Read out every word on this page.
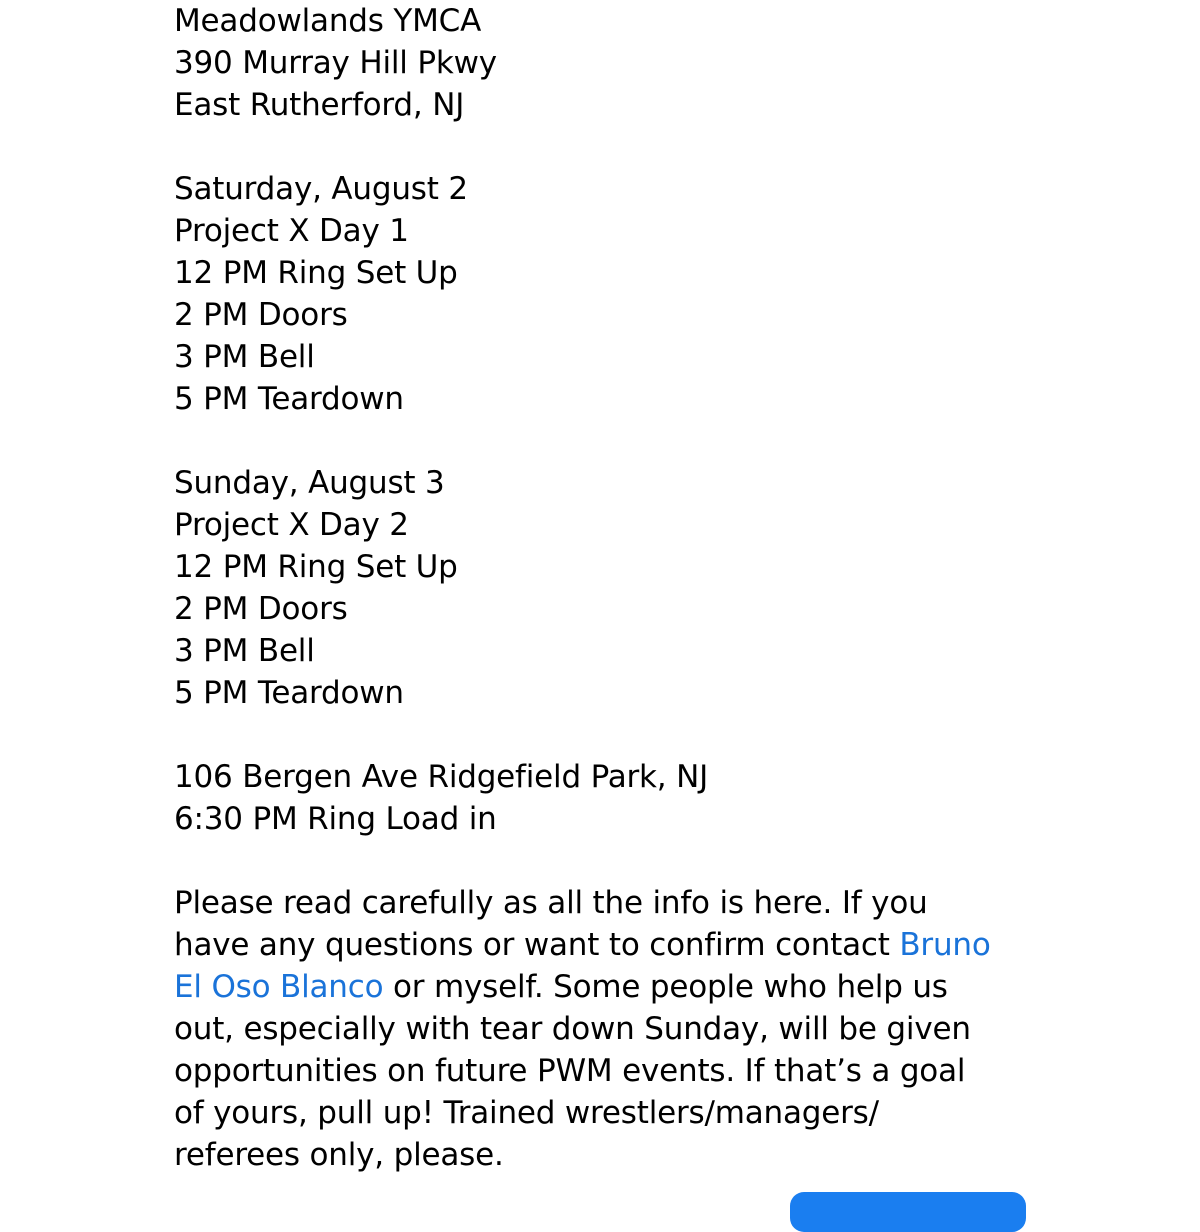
Meadowlands YMCA
390 Murray Hill Pkwy
East Rutherford, NJ
Saturday, August 2
Project X Day 1
12 PM Ring Set Up
2 PM Doors
3 PM Bell
5 PM Teardown
Sunday, August 3
Project X Day 2
12 PM Ring Set Up
2 PM Doors
3 PM Bell
5 PM Teardown
106 Bergen Ave Ridgefield Park, NJ
6:30 PM Ring Load in
Please read carefully as all the info is here. If you
have any questions or want to confirm contact Bruno
El Oso Blanco or myself. Some people who help us
out, especially with tear down Sunday, will be given
opportunities on future PWM events. If that’s a goal
of yours, pull up! Trained wrestlers/managers/
referees only, please.
